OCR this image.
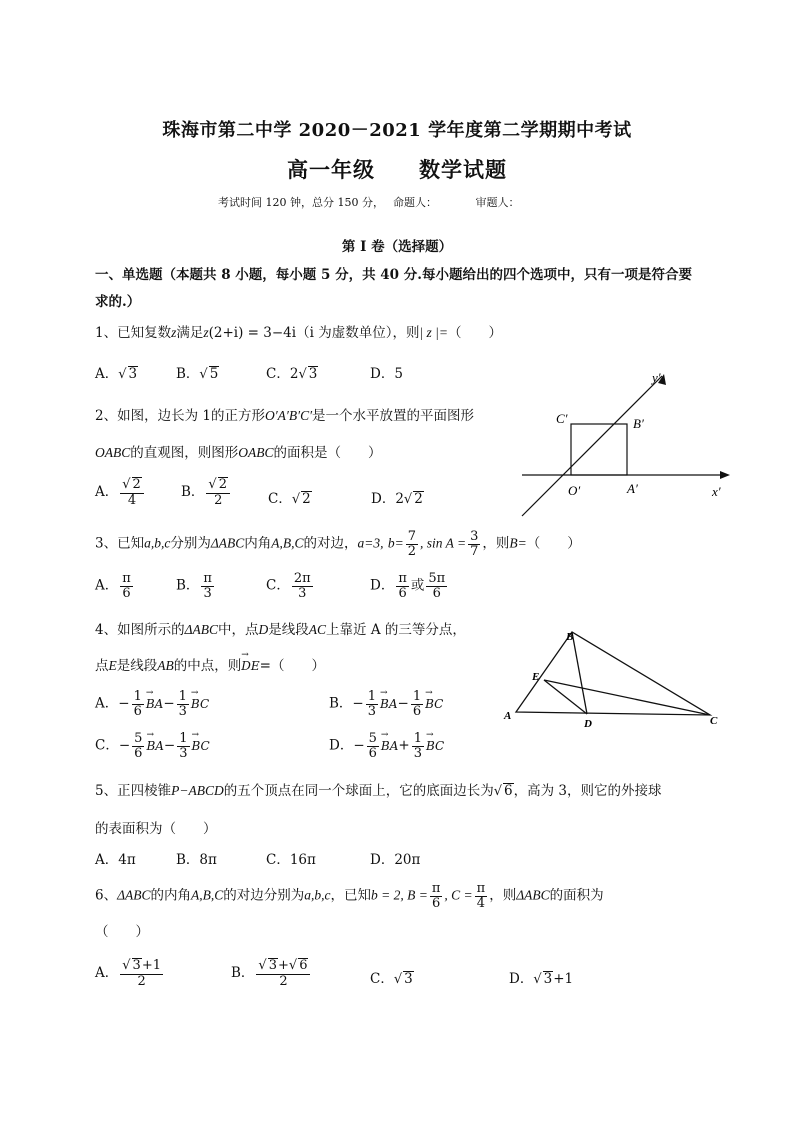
珠海市第二中学 2020－2021 学年度第二学期期中考试
高一年级　　数学试题
考试时间 120 钟，总分 150 分，　 命题人：　　　　审题人：
第 I 卷（选择题）
一、单选题（本题共 8 小题，每小题 5 分，共 40 分.每小题给出的四个选项中，只有一项是符合要
求的.）
1、已知复数z满足z(2+i) = 3−4i（i 为虚数单位），则| z |=（　　）
A．√ 3	B．√ 5	C．2√ 3	D．5
2、如图，边长为 1的正方形O′A′B′C′是一个水平放置的平面图形
OABC的直观图，则图形OABC的面积是（　　）
A． $\frac{√ 2}{4}$	B． $\frac{√ 2}{2}$	C．√ 2	D．2√ 2
y′
x′
C′	B′
O′	A′
3、已知a,b,c分别为ΔABC内角A,B,C的对边，a=3, $b= \frac{7}{2}$ , $\sin A = \frac{3}{7}$ ，则B=（　　）
A． $\frac{\pi}{6}$	B． $\frac{\pi}{3}$	C． $\frac{2\pi}{3}$	D． $\frac{\pi}{6}$ 或 $\frac{5\pi}{6}$
4、如图所示的ΔABC中，点D是线段AC上靠近 A 的三等分点，
点E是线段AB的中点，则→ DE=（　　）
A．− $\frac{1}{6}$
→ $BA- \frac{1}{3}$
→ BC	B．− $\frac{1}{3}$
→ $BA- \frac{1}{6}$
→ BC
C．− $\frac{5}{6}$
→ $BA- \frac{1}{3}$
→ BC	D．− $\frac{5}{6}$
→ $BA+ \frac{1}{3}$
→ BC
A
B
C
D
E
5、正四棱锥P−ABCD的五个顶点在同一个球面上，它的底面边长为√ 6，高为 3，则它的外接球
的表面积为（　　）
A．4π	B．8π	C．16π	D．20π
6、ΔABC的内角A,B,C的对边分别为a,b,c，已知b = 2, $B = \frac{\pi}{6}$ , $C = \frac{\pi}{4}$ ，则ΔABC的面积为
（　　）
A． $\frac{√ 3+1}{2}$	B． $\frac{√ 3+√ 6}{2}$	C．√ 3	D．√ 3+1
